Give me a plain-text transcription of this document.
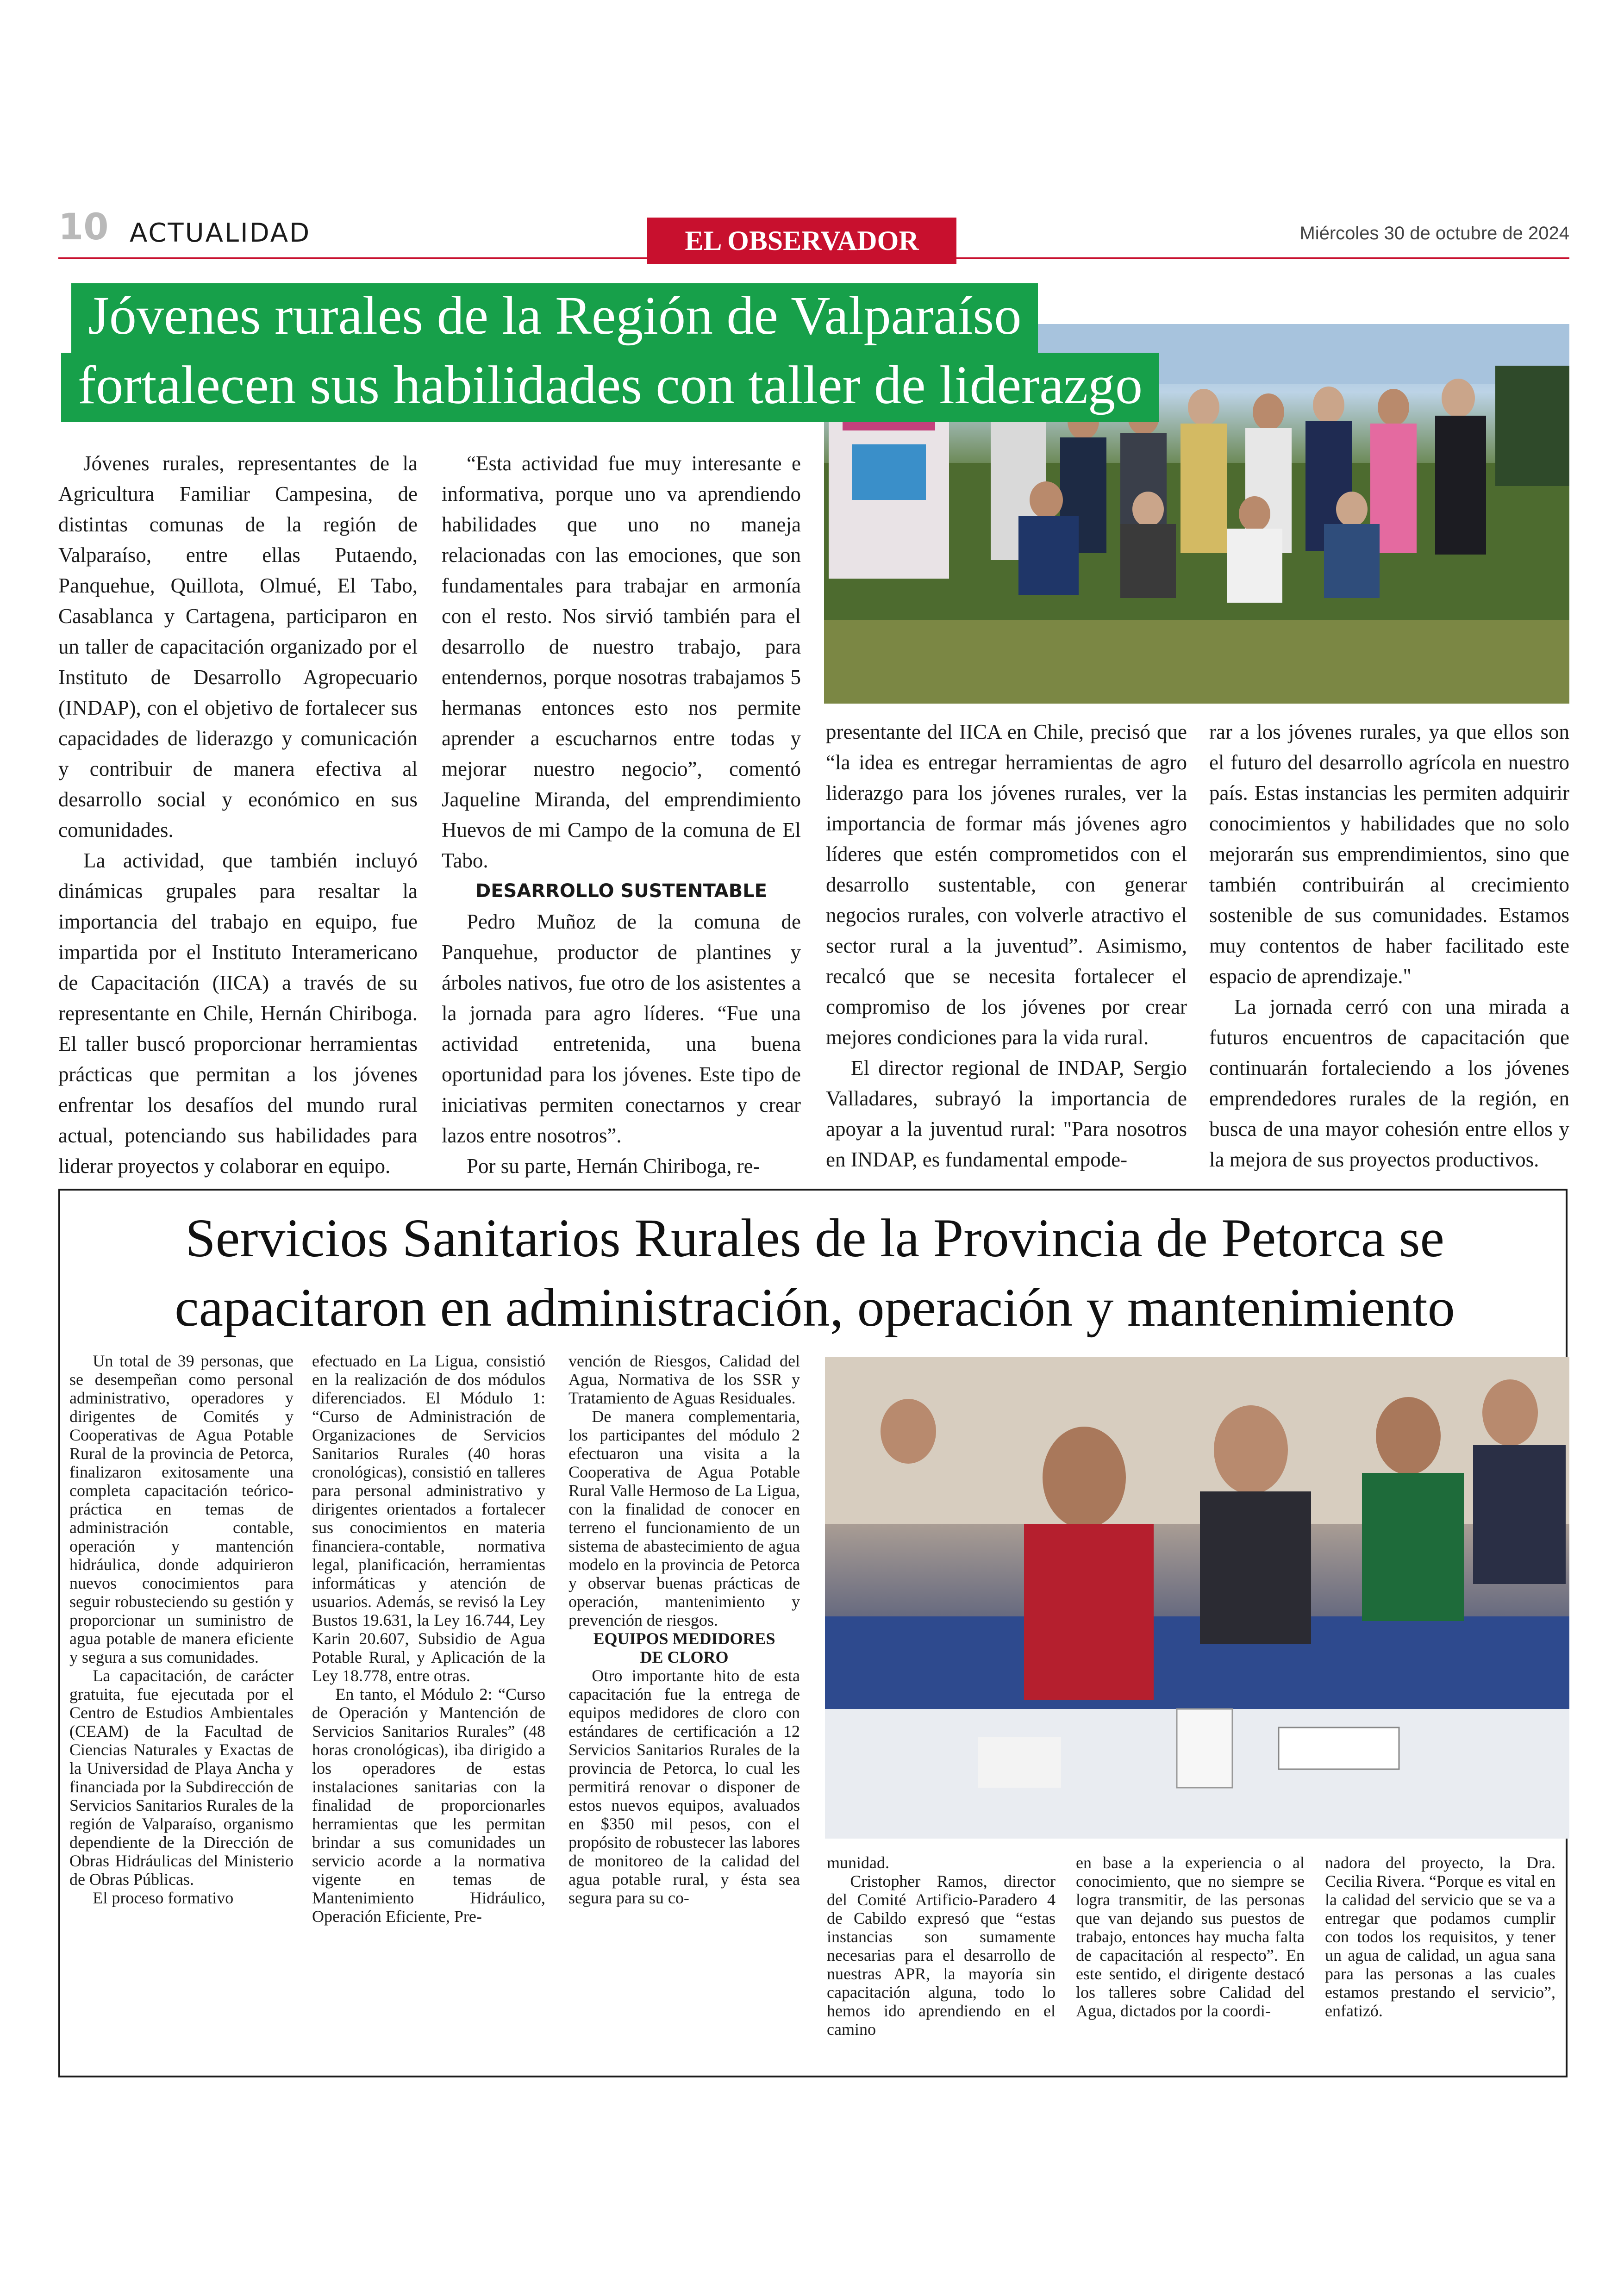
10 ACTUALIDAD	EL OBSERVADOR	Miércoles 30 de octubre de 2024
Jóvenes rurales de la Región de Valparaíso
fortalecen sus habilidades con taller de liderazgo

Jóvenes rurales, representantes de la Agricultura Familiar Campesina, de distintas comunas de la región de Valparaíso, entre ellas Putaendo, Panquehue, Quillota, Olmué, El Tabo, Casablanca y Cartagena, participaron en un taller de capacitación organizado por el Instituto de Desarrollo Agropecuario (INDAP), con el objetivo de fortalecer sus capacidades de liderazgo y comunicación y contribuir de manera efectiva al desarrollo social y económico en sus comunidades.

La actividad, que también incluyó dinámicas grupales para resaltar la importancia del trabajo en equipo, fue impartida por el Instituto Interamericano de Capacitación (IICA) a través de su representante en Chile, Hernán Chiriboga. El taller buscó proporcionar herramientas prácticas que permitan a los jóvenes enfrentar los desafíos del mundo rural actual, potenciando sus habilidades para liderar proyectos y colaborar en equipo.

“Esta actividad fue muy interesante e informativa, porque uno va aprendiendo habilidades que uno no maneja relacionadas con las emociones, que son fundamentales para trabajar en armonía con el resto. Nos sirvió también para el desarrollo de nuestro trabajo, para entendernos, porque nosotras trabajamos 5 hermanas entonces esto nos permite aprender a escucharnos entre todas y mejorar nuestro negocio”, comentó Jaqueline Miranda, del emprendimiento Huevos de mi Campo de la comuna de El Tabo.

DESARROLLO SUSTENTABLE

Pedro Muñoz de la comuna de Panquehue, productor de plantines y árboles nativos, fue otro de los asistentes a la jornada para agro líderes. “Fue una actividad entretenida, una buena oportunidad para los jóvenes. Este tipo de iniciativas permiten conectarnos y crear lazos entre nosotros”.

Por su parte, Hernán Chiriboga, re-

presentante del IICA en Chile, precisó que “la idea es entregar herramientas de agro liderazgo para los jóvenes rurales, ver la importancia de formar más jóvenes agro líderes que estén comprometidos con el desarrollo sustentable, con generar negocios rurales, con volverle atractivo el sector rural a la juventud”. Asimismo, recalcó que se necesita fortalecer el compromiso de los jóvenes por crear mejores condiciones para la vida rural.

El director regional de INDAP, Sergio Valladares, subrayó la importancia de apoyar a la juventud rural: "Para nosotros en INDAP, es fundamental empode-

rar a los jóvenes rurales, ya que ellos son el futuro del desarrollo agrícola en nuestro país. Estas instancias les permiten adquirir conocimientos y habilidades que no solo mejorarán sus emprendimientos, sino que también contribuirán al crecimiento sostenible de sus comunidades. Estamos muy contentos de haber facilitado este espacio de aprendizaje."

La jornada cerró con una mirada a futuros encuentros de capacitación que continuarán fortaleciendo a los jóvenes emprendedores rurales de la región, en busca de una mayor cohesión entre ellos y la mejora de sus proyectos productivos.

Servicios Sanitarios Rurales de la Provincia de Petorca se capacitaron en administración, operación y mantenimiento

Un total de 39 personas, que se desempeñan como personal administrativo, operadores y dirigentes de Comités y Cooperativas de Agua Potable Rural de la provincia de Petorca, finalizaron exitosamente una completa capacitación teórico-práctica en temas de administración contable, operación y mantención hidráulica, donde adquirieron nuevos conocimientos para seguir robusteciendo su gestión y proporcionar un suministro de agua potable de manera eficiente y segura a sus comunidades.

La capacitación, de carácter gratuita, fue ejecutada por el Centro de Estudios Ambientales (CEAM) de la Facultad de Ciencias Naturales y Exactas de la Universidad de Playa Ancha y financiada por la Subdirección de Servicios Sanitarios Rurales de la región de Valparaíso, organismo dependiente de la Dirección de Obras Hidráulicas del Ministerio de Obras Públicas.

El proceso formativo

efectuado en La Ligua, consistió en la realización de dos módulos diferenciados. El Módulo 1: “Curso de Administración de Organizaciones de Servicios Sanitarios Rurales (40 horas cronológicas), consistió en talleres para personal administrativo y dirigentes orientados a fortalecer sus conocimientos en materia financiera-contable, normativa legal, planificación, herramientas informáticas y atención de usuarios. Además, se revisó la Ley Bustos 19.631, la Ley 16.744, Ley Karin 20.607, Subsidio de Agua Potable Rural, y Aplicación de la Ley 18.778, entre otras.

En tanto, el Módulo 2: “Curso de Operación y Mantención de Servicios Sanitarios Rurales” (48 horas cronológicas), iba dirigido a los operadores de estas instalaciones sanitarias con la finalidad de proporcionarles herramientas que les permitan brindar a sus comunidades un servicio acorde a la normativa vigente en temas de Mantenimiento Hidráulico, Operación Eficiente, Pre-

vención de Riesgos, Calidad del Agua, Normativa de los SSR y Tratamiento de Aguas Residuales.

De manera complementaria, los participantes del módulo 2 efectuaron una visita a la Cooperativa de Agua Potable Rural Valle Hermoso de La Ligua, con la finalidad de conocer en terreno el funcionamiento de un sistema de abastecimiento de agua modelo en la provincia de Petorca y observar buenas prácticas de operación, mantenimiento y prevención de riesgos.

EQUIPOS MEDIDORES

DE CLORO

Otro importante hito de esta capacitación fue la entrega de equipos medidores de cloro con estándares de certificación a 12 Servicios Sanitarios Rurales de la provincia de Petorca, lo cual les permitirá renovar o disponer de estos nuevos equipos, avaluados en $350 mil pesos, con el propósito de robustecer las labores de monitoreo de la calidad del agua potable rural, y ésta sea segura para su co-

munidad.

Cristopher Ramos, director del Comité Artificio-Paradero 4 de Cabildo expresó que “estas instancias son sumamente necesarias para el desarrollo de nuestras APR, la mayoría sin capacitación alguna, todo lo hemos ido aprendiendo en el camino

en base a la experiencia o al conocimiento, que no siempre se logra transmitir, de las personas que van dejando sus puestos de trabajo, entonces hay mucha falta de capacitación al respecto”. En este sentido, el dirigente destacó los talleres sobre Calidad del Agua, dictados por la coordi-

nadora del proyecto, la Dra. Cecilia Rivera. “Porque es vital en la calidad del servicio que se va a entregar que podamos cumplir con todos los requisitos, y tener un agua de calidad, un agua sana para las personas a las cuales estamos prestando el servicio”, enfatizó.
